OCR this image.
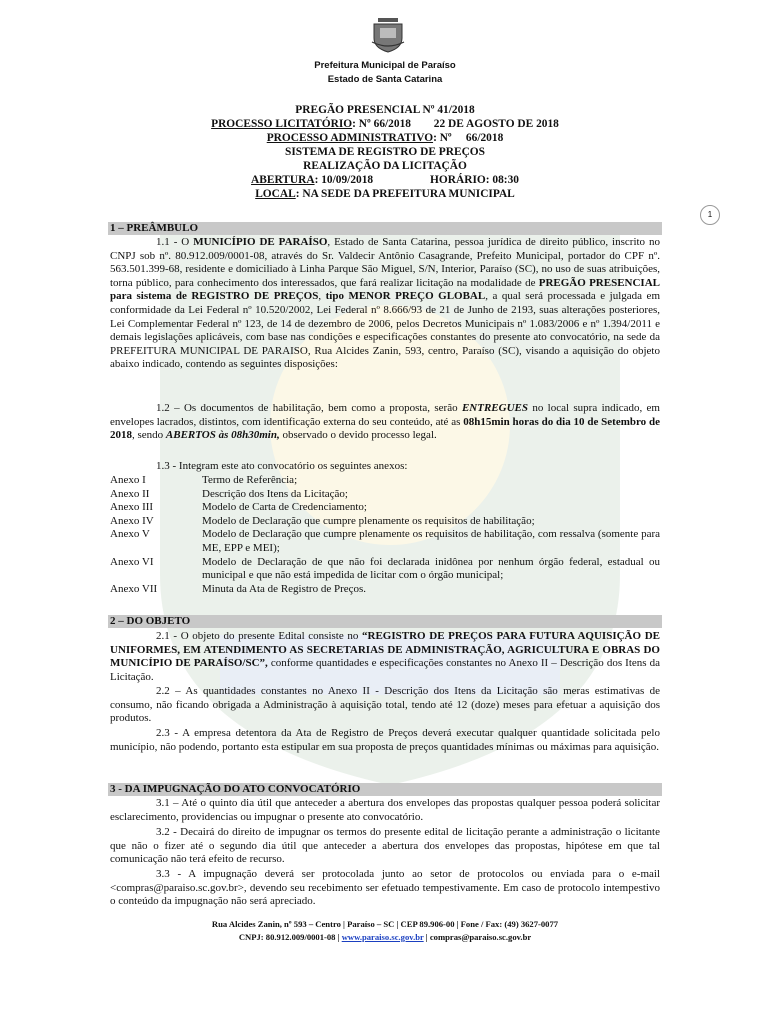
Prefeitura Municipal de Paraíso
Estado de Santa Catarina
PREGÃO PRESENCIAL Nº 41/2018
PROCESSO LICITATÓRIO: Nº 66/2018        22 DE AGOSTO DE 2018
PROCESSO ADMINISTRATIVO: Nº     66/2018
SISTEMA DE REGISTRO DE PREÇOS
REALIZAÇÃO DA LICITAÇÃO
ABERTURA: 10/09/2018                    HORÁRIO: 08:30
LOCAL: NA SEDE DA PREFEITURA MUNICIPAL
1
1 – PREÂMBULO

1.1 - O MUNICÍPIO DE PARAÍSO, Estado de Santa Catarina, pessoa jurídica de direito público, inscrito no CNPJ sob nº. 80.912.009/0001-08, através do Sr. Valdecir Antônio Casagrande, Prefeito Municipal, portador do CPF nº. 563.501.399-68, residente e domiciliado à Linha Parque São Miguel, S/N, Interior, Paraíso (SC), no uso de suas atribuições, torna público, para conhecimento dos interessados, que fará realizar licitação na modalidade de PREGÃO PRESENCIAL para sistema de REGISTRO DE PREÇOS, tipo MENOR PREÇO GLOBAL, a qual será processada e julgada em conformidade da Lei Federal nº 10.520/2002, Lei Federal nº 8.666/93 de 21 de Junho de 2193, suas alterações posteriores, Lei Complementar Federal nº 123, de 14 de dezembro de 2006, pelos Decretos Municipais nº 1.083/2006 e nº 1.394/2011 e demais legislações aplicáveis, com base nas condições e especificações constantes do presente ato convocatório, na sede da PREFEITURA MUNICIPAL DE PARAISO, Rua Alcides Zanin, 593, centro, Paraíso (SC), visando a aquisição do objeto abaixo indicado, contendo as seguintes disposições:

1.2 – Os documentos de habilitação, bem como a proposta, serão ENTREGUES no local supra indicado, em envelopes lacrados, distintos, com identificação externa do seu conteúdo, até as 08h15min horas do dia 10 de Setembro de 2018, sendo ABERTOS às 08h30min, observado o devido processo legal.

1.3 - Integram este ato convocatório os seguintes anexos:

Anexo I	Termo de Referência;
Anexo II	Descrição dos Itens da Licitação;
Anexo III	Modelo de Carta de Credenciamento;
Anexo IV	Modelo de Declaração que cumpre plenamente os requisitos de habilitação;
Anexo V	Modelo de Declaração que cumpre plenamente os requisitos de habilitação, com ressalva (somente para ME, EPP e MEI);
Anexo VI	Modelo de Declaração de que não foi declarada inidônea por nenhum órgão federal, estadual ou municipal e que não está impedida de licitar com o órgão municipal;
Anexo VII	Minuta da Ata de Registro de Preços.
2 – DO OBJETO

2.1 - O objeto do presente Edital consiste no “REGISTRO DE PREÇOS PARA FUTURA AQUISIÇÃO DE UNIFORMES, EM ATENDIMENTO AS SECRETARIAS DE ADMINISTRAÇÃO, AGRICULTURA E OBRAS DO MUNICÍPIO DE PARAÍSO/SC”, conforme quantidades e especificações constantes no Anexo II – Descrição dos Itens da Licitação.

2.2 – As quantidades constantes no Anexo II - Descrição dos Itens da Licitação são meras estimativas de consumo, não ficando obrigada a Administração à aquisição total, tendo até 12 (doze) meses para efetuar a aquisição dos produtos.

2.3 - A empresa detentora da Ata de Registro de Preços deverá executar qualquer quantidade solicitada pelo município, não podendo, portanto esta estipular em sua proposta de preços quantidades mínimas ou máximas para aquisição.

3 - DA IMPUGNAÇÃO DO ATO CONVOCATÓRIO

3.1 – Até o quinto dia útil que anteceder a abertura dos envelopes das propostas qualquer pessoa poderá solicitar esclarecimento, providencias ou impugnar o presente ato convocatório.

3.2 - Decairá do direito de impugnar os termos do presente edital de licitação perante a administração o licitante que não o fizer até o segundo dia útil que anteceder a abertura dos envelopes das propostas, hipótese em que tal comunicação não terá efeito de recurso.

3.3 - A impugnação deverá ser protocolada junto ao setor de protocolos ou enviada para o e-mail <compras@paraiso.sc.gov.br>, devendo seu recebimento ser efetuado tempestivamente. Em caso de protocolo intempestivo o conteúdo da impugnação não será apreciado.

Rua Alcides Zanin, nº 593 – Centro | Paraíso – SC | CEP 89.906-00 | Fone / Fax: (49) 3627-0077
CNPJ: 80.912.009/0001-08 | www.paraiso.sc.gov.br | compras@paraiso.sc.gov.br
